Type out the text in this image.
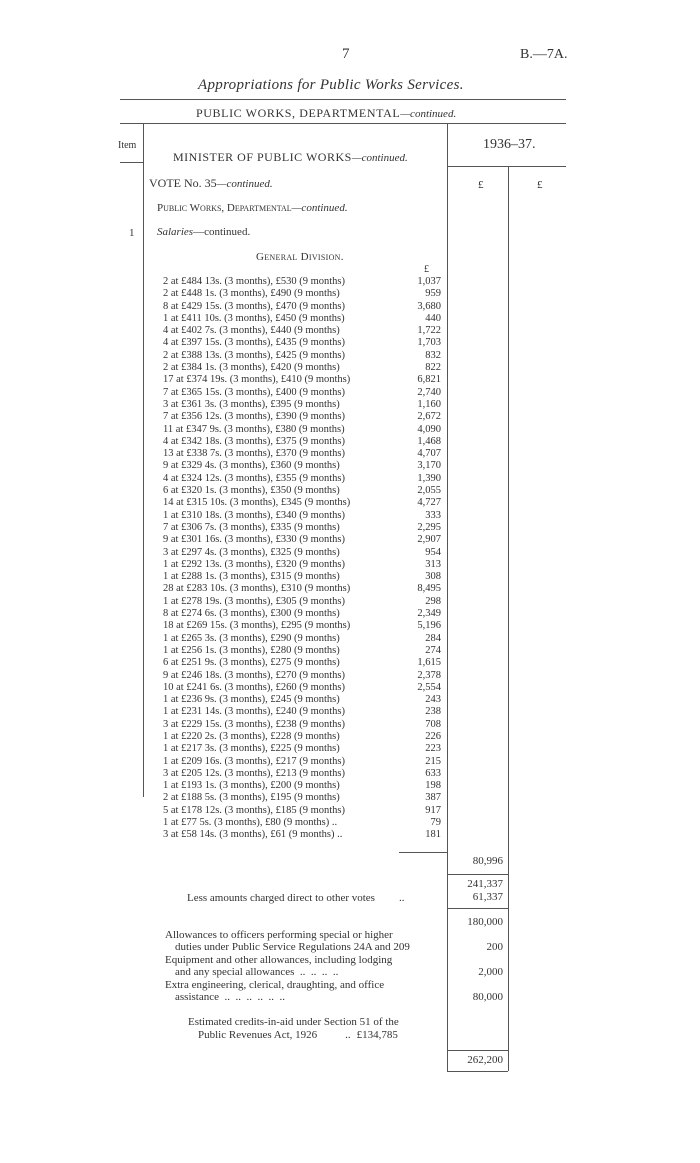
7	B.—7A.
Appropriations for Public Works Services.
PUBLIC WORKS, DEPARTMENTAL—continued.
Item	1936–37.
£	£
MINISTER OF PUBLIC WORKS—continued.
VOTE No. 35—continued.
Public Works, Departmental—continued.
1 Salaries—continued.
General Division.
£
2 at £484 13s. (3 months), £530 (9 months)	1,037
2 at £448 1s. (3 months), £490 (9 months)	959
8 at £429 15s. (3 months), £470 (9 months)	3,680
1 at £411 10s. (3 months), £450 (9 months)	440
4 at £402 7s. (3 months), £440 (9 months)	1,722
4 at £397 15s. (3 months), £435 (9 months)	1,703
2 at £388 13s. (3 months), £425 (9 months)	832
2 at £384 1s. (3 months), £420 (9 months)	822
17 at £374 19s. (3 months), £410 (9 months)	6,821
7 at £365 15s. (3 months), £400 (9 months)	2,740
3 at £361 3s. (3 months), £395 (9 months)	1,160
7 at £356 12s. (3 months), £390 (9 months)	2,672
11 at £347 9s. (3 months), £380 (9 months)	4,090
4 at £342 18s. (3 months), £375 (9 months)	1,468
13 at £338 7s. (3 months), £370 (9 months)	4,707
9 at £329 4s. (3 months), £360 (9 months)	3,170
4 at £324 12s. (3 months), £355 (9 months)	1,390
6 at £320 1s. (3 months), £350 (9 months)	2,055
14 at £315 10s. (3 months), £345 (9 months)	4,727
1 at £310 18s. (3 months), £340 (9 months)	333
7 at £306 7s. (3 months), £335 (9 months)	2,295
9 at £301 16s. (3 months), £330 (9 months)	2,907
3 at £297 4s. (3 months), £325 (9 months)	954
1 at £292 13s. (3 months), £320 (9 months)	313
1 at £288 1s. (3 months), £315 (9 months)	308
28 at £283 10s. (3 months), £310 (9 months)	8,495
1 at £278 19s. (3 months), £305 (9 months)	298
8 at £274 6s. (3 months), £300 (9 months)	2,349
18 at £269 15s. (3 months), £295 (9 months)	5,196
1 at £265 3s. (3 months), £290 (9 months)	284
1 at £256 1s. (3 months), £280 (9 months)	274
6 at £251 9s. (3 months), £275 (9 months)	1,615
9 at £246 18s. (3 months), £270 (9 months)	2,378
10 at £241 6s. (3 months), £260 (9 months)	2,554
1 at £236 9s. (3 months), £245 (9 months)	243
1 at £231 14s. (3 months), £240 (9 months)	238
3 at £229 15s. (3 months), £238 (9 months)	708
1 at £220 2s. (3 months), £228 (9 months)	226
1 at £217 3s. (3 months), £225 (9 months)	223
1 at £209 16s. (3 months), £217 (9 months)	215
3 at £205 12s. (3 months), £213 (9 months)	633
1 at £193 1s. (3 months), £200 (9 months)	198
2 at £188 5s. (3 months), £195 (9 months)	387
5 at £178 12s. (3 months), £185 (9 months)	917
1 at £77 5s. (3 months), £80 (9 months) ..	79
3 at £58 14s. (3 months), £61 (9 months) ..	181
80,996
241,337
Less amounts charged direct to other votes ..	61,337
180,000
Allowances to officers performing special or higher
duties under Public Service Regulations 24A and 209	200
Equipment and other allowances, including lodging
and any special allowances  ..  ..  ..  ..	2,000
Extra engineering, clerical, draughting, and office
assistance  ..  ..  ..  ..  ..  ..	80,000
Estimated credits-in-aid under Section 51 of the
Public Revenues Act, 1926	.. £134,785
262,200
